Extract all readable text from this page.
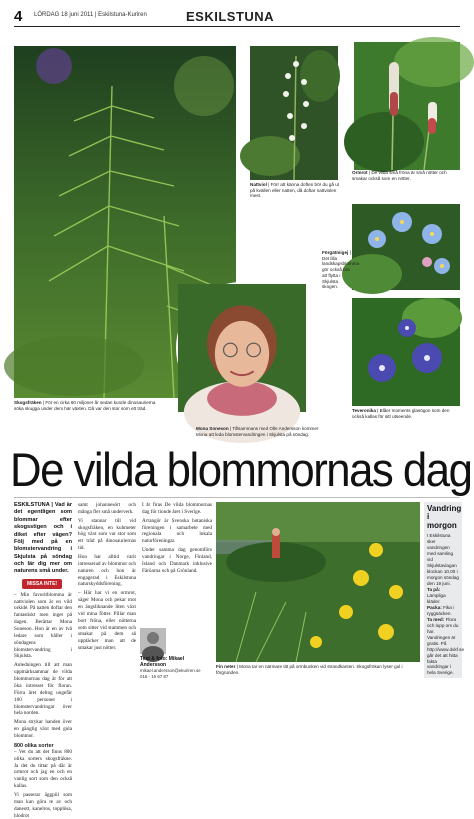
4 LÖRDAG 18 juni 2011 | Eskilstuna-Kuriren	ESKILSTUNA
Skogsfräken | För en cirka 60 miljoner år sedan kunde dinosaurierna söka skugga under dem här växten. Då var den stor som ett träd.
Nattviol | Förr att känna doften bör du gå ut på kvällen eller natten, då doftar nattviolen mest.
Ormrot | De vilda små fröna är små nötter och smakar också som en nötter.
Förgätmigej | Det lilla landskapsblomma gör också bra att flytta i Skjulsta skogen.
Teveronika | Blåer moments glasögon som den också kallas för sitt utseende.
Mona Soneson | Tillsammans med Olle Andersson kommer Mona att leda blomstervandringen i Skjulsta på söndag.
De vilda blommornas dag
ESKILSTUNA | Vad är det egentligen som blommar efter skogsstigen och i diket efter vägen? Följ med på en blomstervandring i Skjulsta på söndag och lär dig mer om naturens små under.
MISSA INTE!

– Min favoritblomma är nattviolen som är en vild orkidé. På natten doftar den fantastiskt men inget på dagen. Berättar Mona Soneson. Hon är en av två ledare som håller i söndagens blomstervandring i Skjulsta.

Anledningen till att man uppmärksammar de vilda blommornas dag är för att öka intresset för floran. Förra året deltog ungefär 100 personer i blomstervandringar över hela norden.

Mona strykar handen över en gänglig växt med gula blommor.

800 olika sorter

– Vet du att det finns 800 olika sorters skogsfräkne. Ja det du tittar på där är ormrot och jag en och en vanlig sort som den också kallas.

Vi passerar äggpiil som man kan göra te av och daneott, kanelros, topplösa, hlodrot

samt johannesört och många fler små underverk.

Vi stannar till vid skogsfräken, en kuhmeter hög växt som var stor som ett träd på dinosauriernas tid.

Hon har alltid varit intresserad av blommor och naturen och hon är engagerad i Eskilstuna naturskyddsförening.

– Här har vi en ormrot, säger Mona och pekar mot en ängsliknande liten växt vid mina fötter. Pillar man bort fröna, eller nötterna som sitter vid stammen och smakar på dem så upptäcker man att de smakar just nötter.

I år firas De vilda blommornas dag för tionde året i Sverige.

Arrangör är Svenska botaniska föreningen i samarbete med regionala och lokala naturföreningar.

Under samma dag genomförs vandringar i Norge, Finland, Island och Danmark inklusive Färöarna och på Grönland.

Text & foto: Mikael Andersson
mikael.andersson@ekuriren.se
016 - 15 67 87
Fin neter | Mona tar en närmare titt på ormbunken vid strandkanten. Skogsfrökan lyser gul i förgrunden.
Vandring i morgon

I Eskilstuna sker vandringen med samling vid Skjulstaviagan klockan 10.00 i morgon söndag den 19 juni.

Ta på: Lämpliga kläder.

Packa: Fika i ryggsäcken.

Ta med: Flora och lupp om du har. Vandringen är gratis. På http://www.dvkf.se går det att hitta fakta vandringar i hela Sverige.
